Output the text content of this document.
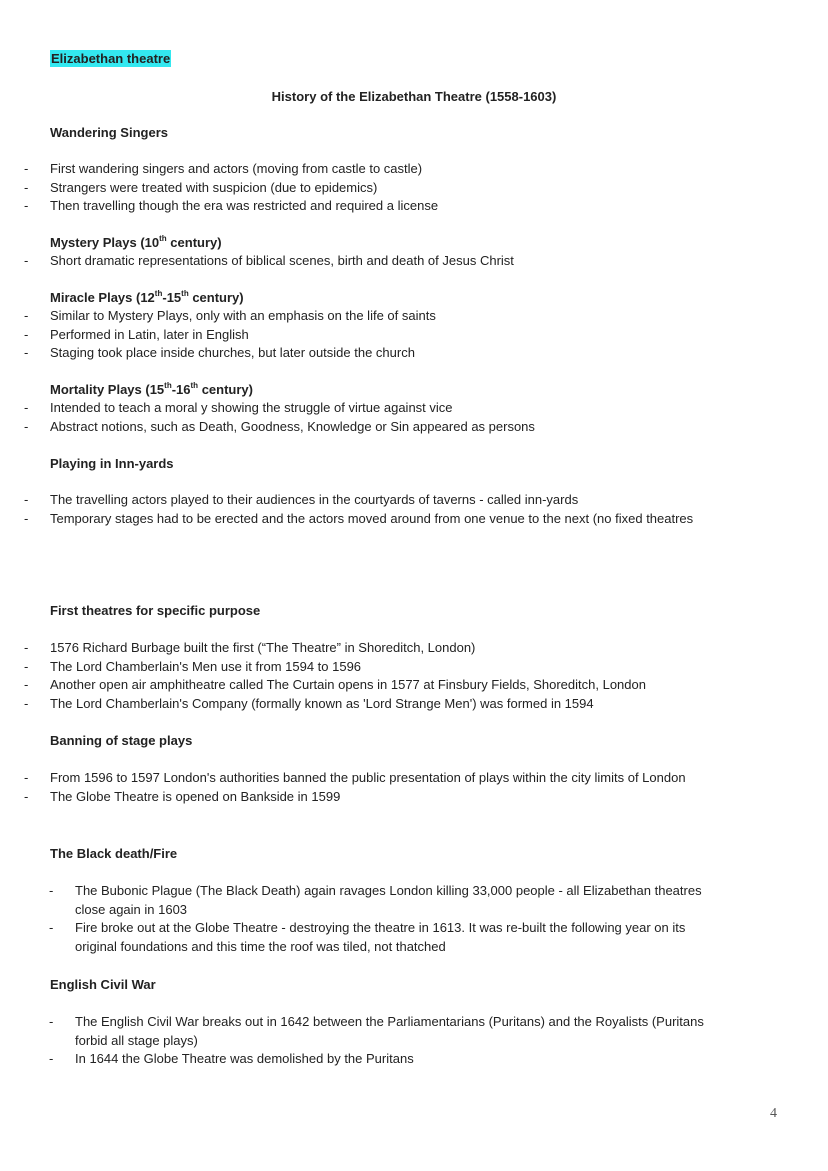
Elizabethan theatre
History of the Elizabethan Theatre (1558-1603)
Wandering Singers
- First wandering singers and actors (moving from castle to castle)
- Strangers were treated with suspicion (due to epidemics)
- Then travelling though the era was restricted and required a license
Mystery Plays (10th century)
- Short dramatic representations of biblical scenes, birth and death of Jesus Christ
Miracle Plays (12th-15th century)
- Similar to Mystery Plays, only with an emphasis on the life of saints
- Performed in Latin, later in English
- Staging took place inside churches, but later outside the church
Mortality Plays (15th-16th century)
- Intended to teach a moral y showing the struggle of virtue against vice
- Abstract notions, such as Death, Goodness, Knowledge or Sin appeared as persons
Playing in Inn-yards
- The travelling actors played to their audiences in the courtyards of taverns - called inn-yards
- Temporary stages had to be erected and the actors moved around from one venue to the next (no fixed theatres
First theatres for specific purpose
- 1576 Richard Burbage built the first (“The Theatre” in Shoreditch, London)
- The Lord Chamberlain's Men use it from 1594 to 1596
- Another open air amphitheatre called The Curtain opens in 1577 at Finsbury Fields, Shoreditch, London
- The Lord Chamberlain's Company (formally known as 'Lord Strange Men') was formed in 1594
Banning of stage plays
- From 1596 to 1597 London's authorities banned the public presentation of plays within the city limits of London
- The Globe Theatre is opened on Bankside in 1599
The Black death/Fire
- The Bubonic Plague (The Black Death) again ravages London killing 33,000 people - all Elizabethan theatres close again in 1603
- Fire broke out at the Globe Theatre - destroying the theatre in 1613. It was re-built the following year on its original foundations and this time the roof was tiled, not thatched
English Civil War
- The English Civil War breaks out in 1642 between the Parliamentarians (Puritans) and the Royalists (Puritans forbid all stage plays)
- In 1644 the Globe Theatre was demolished by the Puritans
4
